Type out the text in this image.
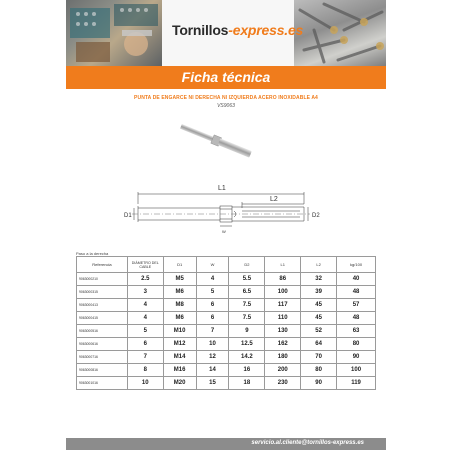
Tornillos-express.es
Ficha técnica
PUNTA DE ENGARCE NI DERECHA NI IZQUIERDA ACERO INOXIDABLE A4
VS9063
L1
L2
D1	D2
W
Paso a la derecha
Referencia	DIÁMETRO DEL CABLE	D1	W	D2	L1	L2	kg/100
9063000210	2.5	M5	4	5.5	86	32	40
9063000315	3	M6	5	6.5	100	39	48
9063000413	4	M8	6	7.5	117	45	57
9063000415	4	M6	6	7.5	110	45	48
9063000516	5	M10	7	9	130	52	63
9063000616	6	M12	10	12.5	162	64	80
9063000716	7	M14	12	14.2	180	70	90
9063000816	8	M16	14	16	200	80	100
9063001016	10	M20	15	18	230	90	119
servicio.al.cliente@tornillos-express.es
